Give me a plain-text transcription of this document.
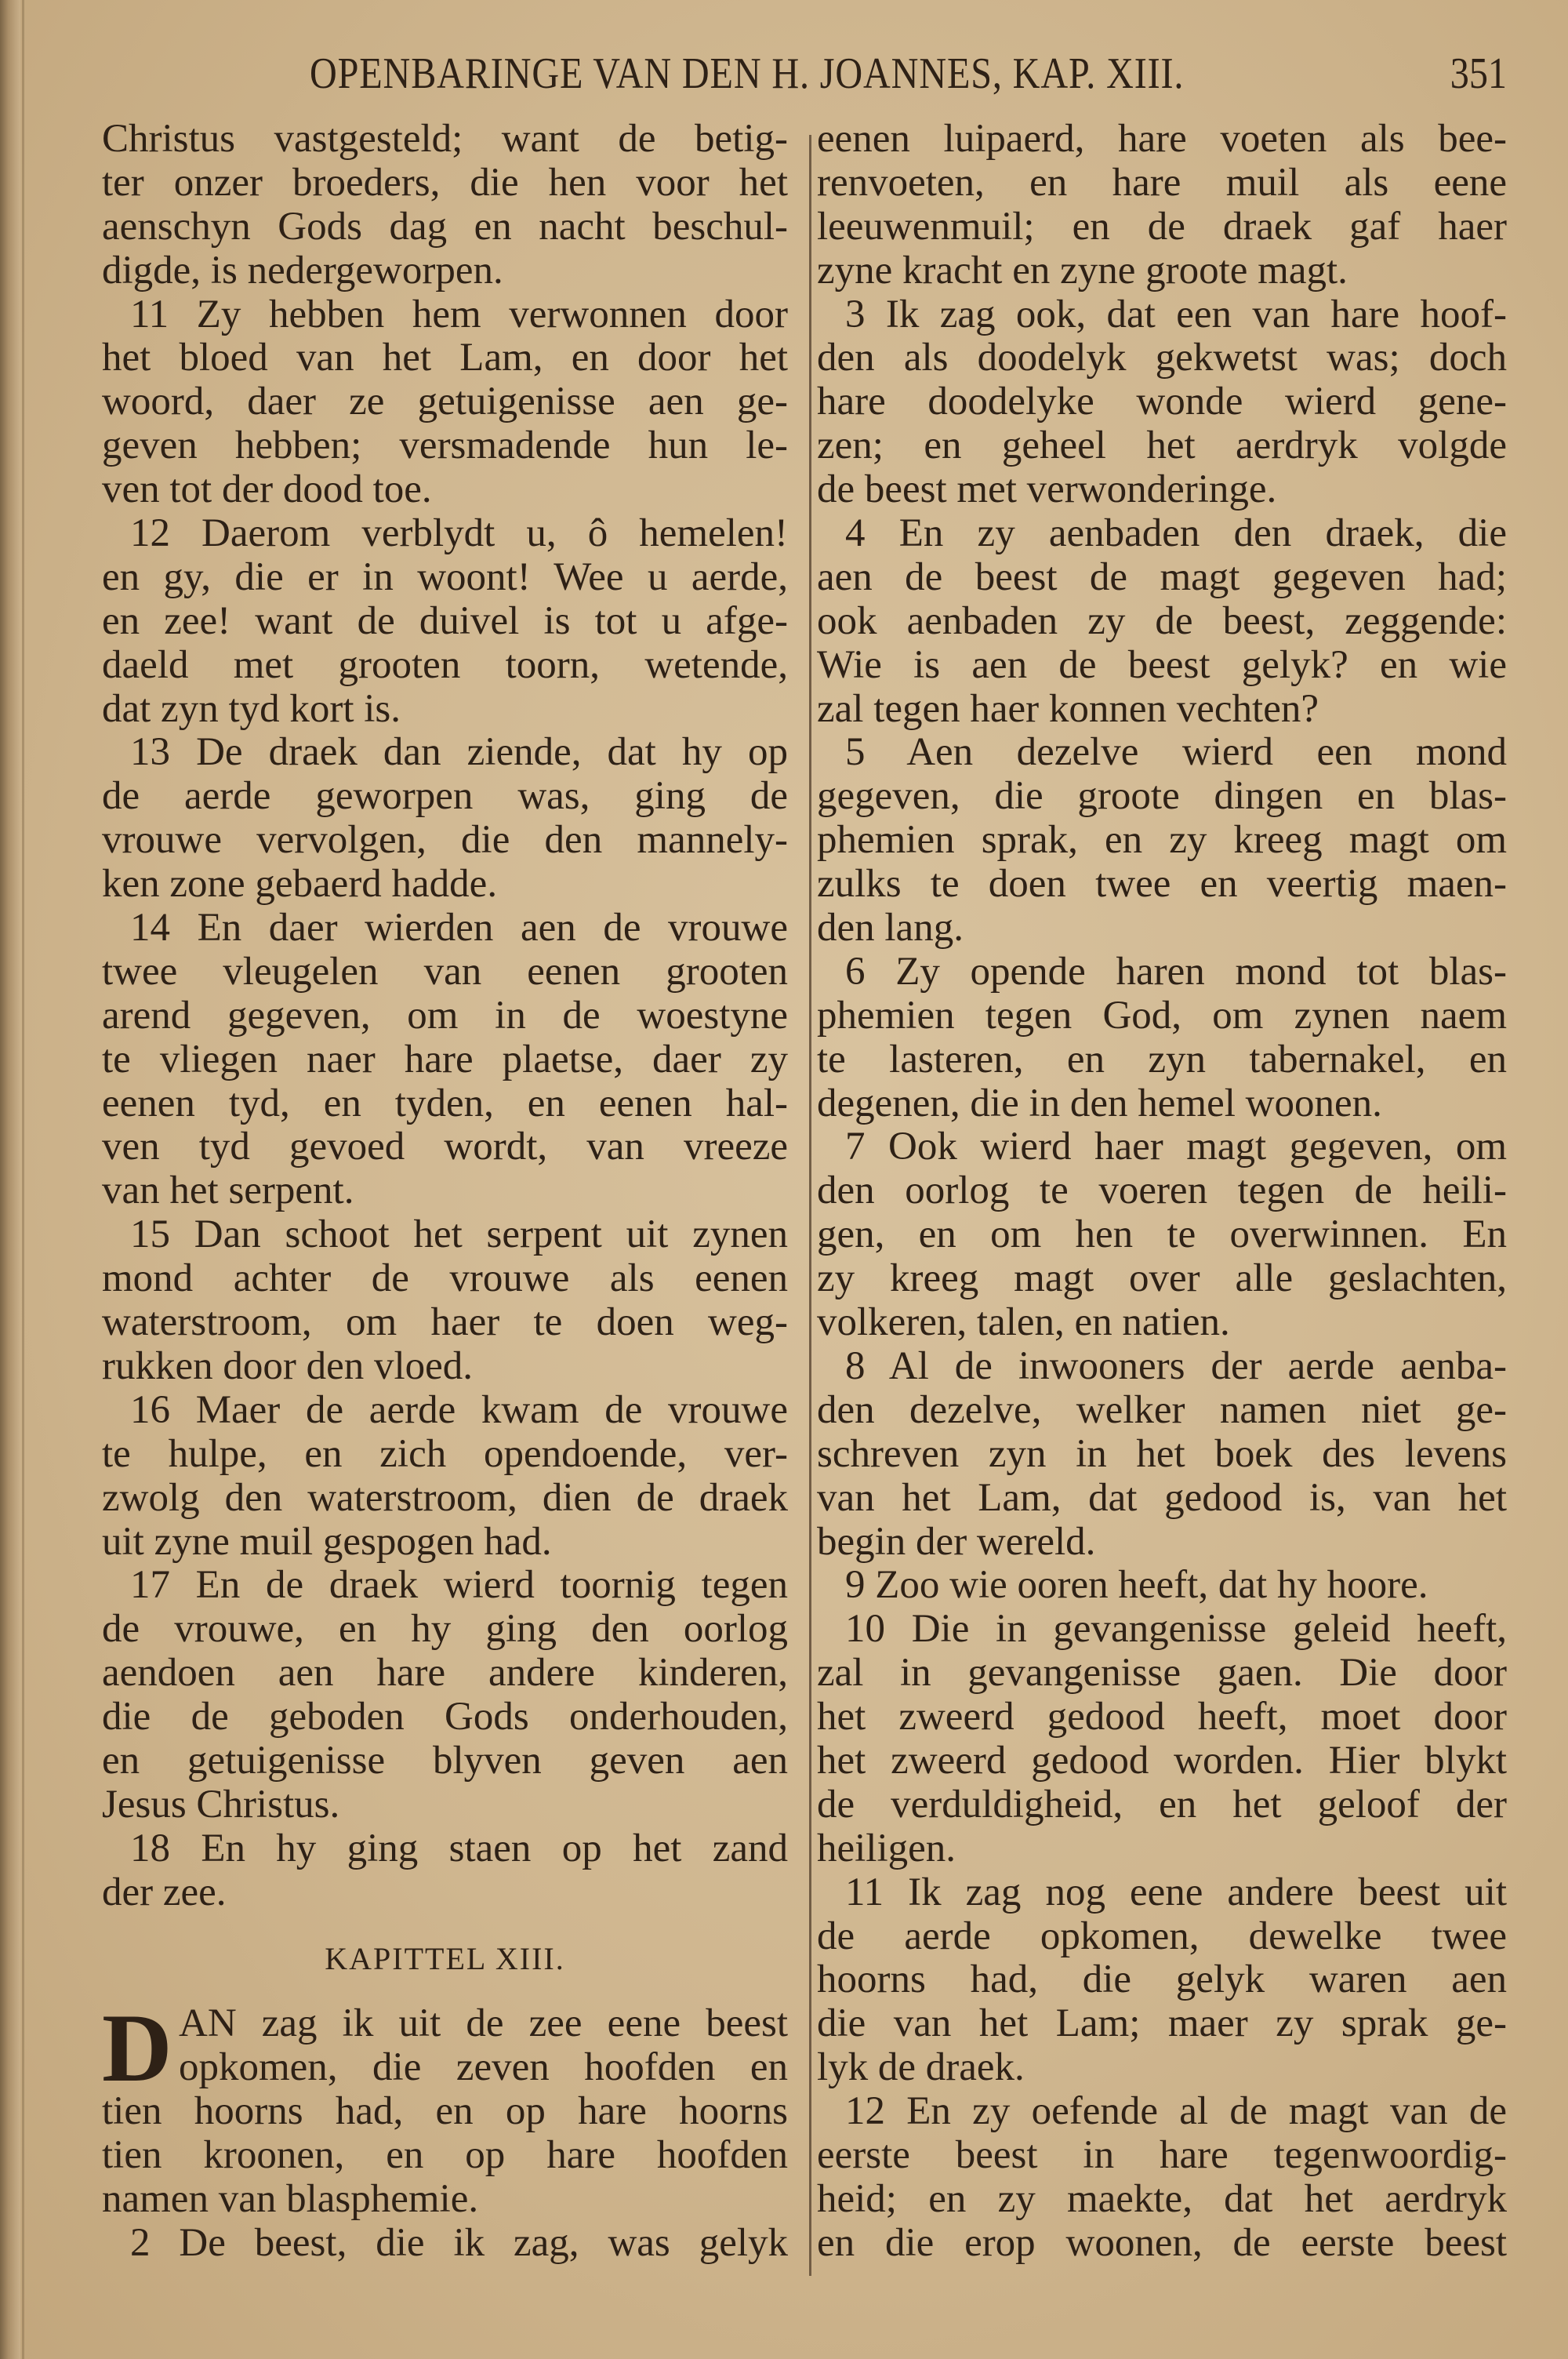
OPENBARINGE VAN DEN H. JOANNES, KAP. XIII.	351
Christus vastgesteld; want de betig-
ter onzer broeders, die hen voor het
aenschyn Gods dag en nacht beschul-
digde, is nedergeworpen.
11 Zy hebben hem verwonnen door
het bloed van het Lam, en door het
woord, daer ze getuigenisse aen ge-
geven hebben; versmadende hun le-
ven tot der dood toe.
12 Daerom verblydt u, ô hemelen!
en gy, die er in woont! Wee u aerde,
en zee! want de duivel is tot u afge-
daeld met grooten toorn, wetende,
dat zyn tyd kort is.
13 De draek dan ziende, dat hy op
de aerde geworpen was, ging de
vrouwe vervolgen, die den mannely-
ken zone gebaerd hadde.
14 En daer wierden aen de vrouwe
twee vleugelen van eenen grooten
arend gegeven, om in de woestyne
te vliegen naer hare plaetse, daer zy
eenen tyd, en tyden, en eenen hal-
ven tyd gevoed wordt, van vreeze
van het serpent.
15 Dan schoot het serpent uit zynen
mond achter de vrouwe als eenen
waterstroom, om haer te doen weg-
rukken door den vloed.
16 Maer de aerde kwam de vrouwe
te hulpe, en zich opendoende, ver-
zwolg den waterstroom, dien de draek
uit zyne muil gespogen had.
17 En de draek wierd toornig tegen
de vrouwe, en hy ging den oorlog
aendoen aen hare andere kinderen,
die de geboden Gods onderhouden,
en getuigenisse blyven geven aen
Jesus Christus.
18 En hy ging staen op het zand
der zee.
KAPITTEL XIII.
D AN zag ik uit de zee eene beest
opkomen, die zeven hoofden en
tien hoorns had, en op hare hoorns
tien kroonen, en op hare hoofden
namen van blasphemie.
2 De beest, die ik zag, was gelyk
eenen luipaerd, hare voeten als bee-
renvoeten, en hare muil als eene
leeuwenmuil; en de draek gaf haer
zyne kracht en zyne groote magt.
3 Ik zag ook, dat een van hare hoof-
den als doodelyk gekwetst was; doch
hare doodelyke wonde wierd gene-
zen; en geheel het aerdryk volgde
de beest met verwonderinge.
4 En zy aenbaden den draek, die
aen de beest de magt gegeven had;
ook aenbaden zy de beest, zeggende:
Wie is aen de beest gelyk? en wie
zal tegen haer konnen vechten?
5 Aen dezelve wierd een mond
gegeven, die groote dingen en blas-
phemien sprak, en zy kreeg magt om
zulks te doen twee en veertig maen-
den lang.
6 Zy opende haren mond tot blas-
phemien tegen God, om zynen naem
te lasteren, en zyn tabernakel, en
degenen, die in den hemel woonen.
7 Ook wierd haer magt gegeven, om
den oorlog te voeren tegen de heili-
gen, en om hen te overwinnen. En
zy kreeg magt over alle geslachten,
volkeren, talen, en natien.
8 Al de inwooners der aerde aenba-
den dezelve, welker namen niet ge-
schreven zyn in het boek des levens
van het Lam, dat gedood is, van het
begin der wereld.
9 Zoo wie ooren heeft, dat hy hoore.
10 Die in gevangenisse geleid heeft,
zal in gevangenisse gaen. Die door
het zweerd gedood heeft, moet door
het zweerd gedood worden. Hier blykt
de verduldigheid, en het geloof der
heiligen.
11 Ik zag nog eene andere beest uit
de aerde opkomen, dewelke twee
hoorns had, die gelyk waren aen
die van het Lam; maer zy sprak ge-
lyk de draek.
12 En zy oefende al de magt van de
eerste beest in hare tegenwoordig-
heid; en zy maekte, dat het aerdryk
en die erop woonen, de eerste beest
